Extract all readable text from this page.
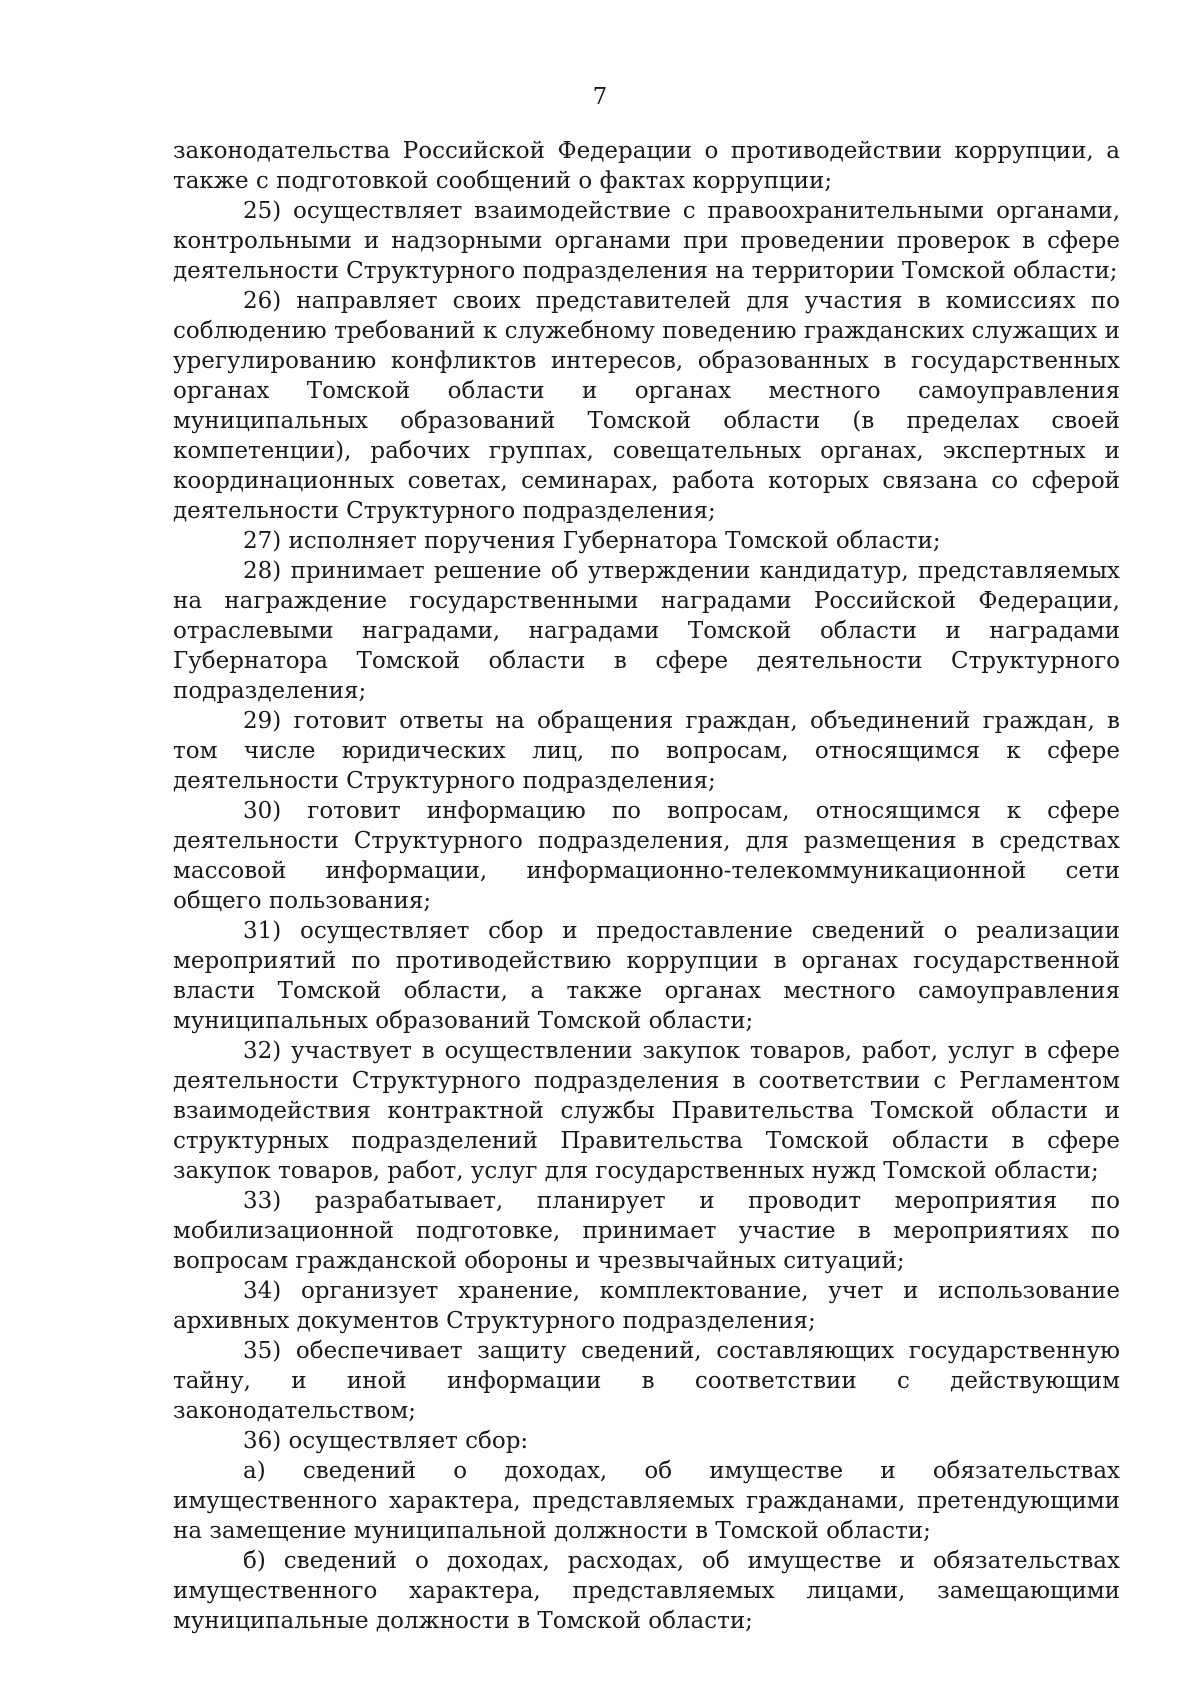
7

законодательства Российской Федерации о противодействии коррупции, а также с подготовкой сообщений о фактах коррупции;

25) осуществляет взаимодействие с правоохранительными органами, контрольными и надзорными органами при проведении проверок в сфере деятельности Структурного подразделения на территории Томской области;

26) направляет своих представителей для участия в комиссиях по соблюдению требований к служебному поведению гражданских служащих и урегулированию конфликтов интересов, образованных в государственных органах Томской области и органах местного самоуправления муниципальных образований Томской области (в пределах своей компетенции), рабочих группах, совещательных органах, экспертных и координационных советах, семинарах, работа которых связана со сферой деятельности Структурного подразделения;

27) исполняет поручения Губернатора Томской области;

28) принимает решение об утверждении кандидатур, представляемых на награждение государственными наградами Российской Федерации, отраслевыми наградами, наградами Томской области и наградами Губернатора Томской области в сфере деятельности Структурного подразделения;

29) готовит ответы на обращения граждан, объединений граждан, в том числе юридических лиц, по вопросам, относящимся к сфере деятельности Структурного подразделения;

30) готовит информацию по вопросам, относящимся к сфере деятельности Структурного подразделения, для размещения в средствах массовой информации, информационно-телекоммуникационной сети общего пользования;

31) осуществляет сбор и предоставление сведений о реализации мероприятий по противодействию коррупции в органах государственной власти Томской области, а также органах местного самоуправления муниципальных образований Томской области;

32) участвует в осуществлении закупок товаров, работ, услуг в сфере деятельности Структурного подразделения в соответствии с Регламентом взаимодействия контрактной службы Правительства Томской области и структурных подразделений Правительства Томской области в сфере закупок товаров, работ, услуг для государственных нужд Томской области;

33) разрабатывает, планирует и проводит мероприятия по мобилизационной подготовке, принимает участие в мероприятиях по вопросам гражданской обороны и чрезвычайных ситуаций;

34) организует хранение, комплектование, учет и использование архивных документов Структурного подразделения;

35) обеспечивает защиту сведений, составляющих государственную тайну, и иной информации в соответствии с действующим законодательством;

36) осуществляет сбор:

а) сведений о доходах, об имуществе и обязательствах имущественного характера, представляемых гражданами, претендующими на замещение муниципальной должности в Томской области;

б) сведений о доходах, расходах, об имуществе и обязательствах имущественного характера, представляемых лицами, замещающими муниципальные должности в Томской области;
